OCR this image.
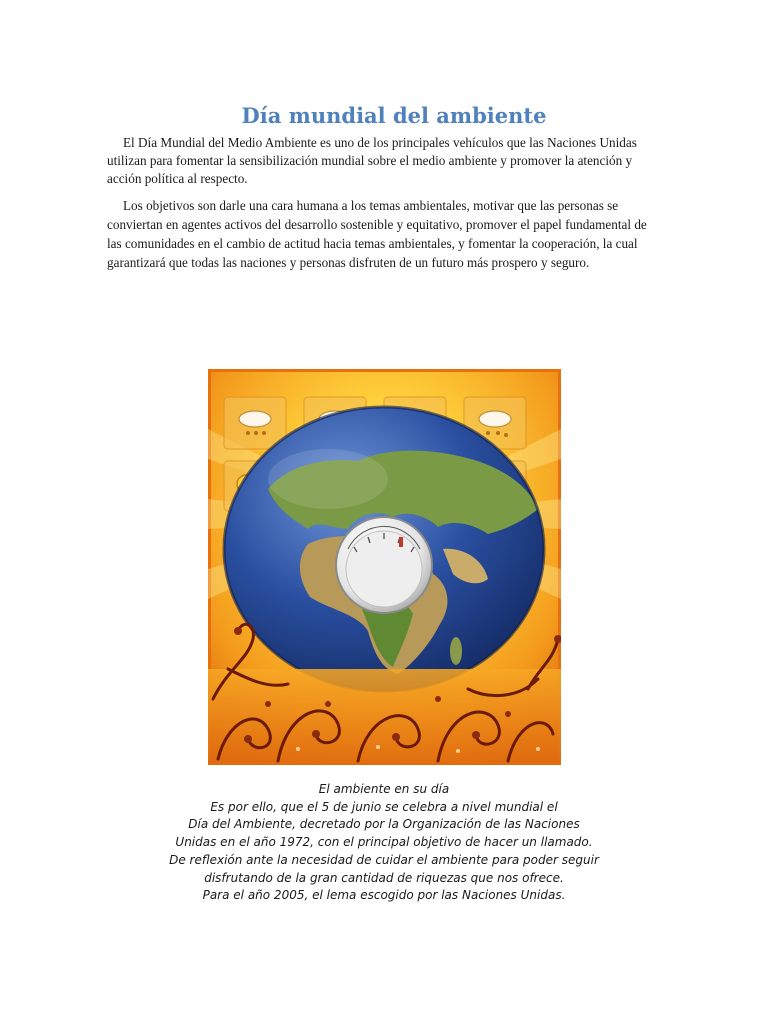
Día mundial del ambiente

El Día Mundial del Medio Ambiente es uno de los principales vehículos que las Naciones Unidas utilizan para fomentar la sensibilización mundial sobre el medio ambiente y promover la atención y acción política al respecto.

Los objetivos son darle una cara humana a los temas ambientales, motivar que las personas se conviertan en agentes activos del desarrollo sostenible y equitativo, promover el papel fundamental de las comunidades en el cambio de actitud hacia temas ambientales, y fomentar la cooperación, la cual garantizará que todas las naciones y personas disfruten de un futuro más prospero y seguro.

El ambiente en su día
Es por ello, que el 5 de junio se celebra a nivel mundial el
Día del Ambiente, decretado por la Organización de las Naciones
Unidas en el año 1972, con el principal objetivo de hacer un llamado.
De reflexión ante la necesidad de cuidar el ambiente para poder seguir
disfrutando de la gran cantidad de riquezas que nos ofrece.
Para el año 2005, el lema escogido por las Naciones Unidas.
